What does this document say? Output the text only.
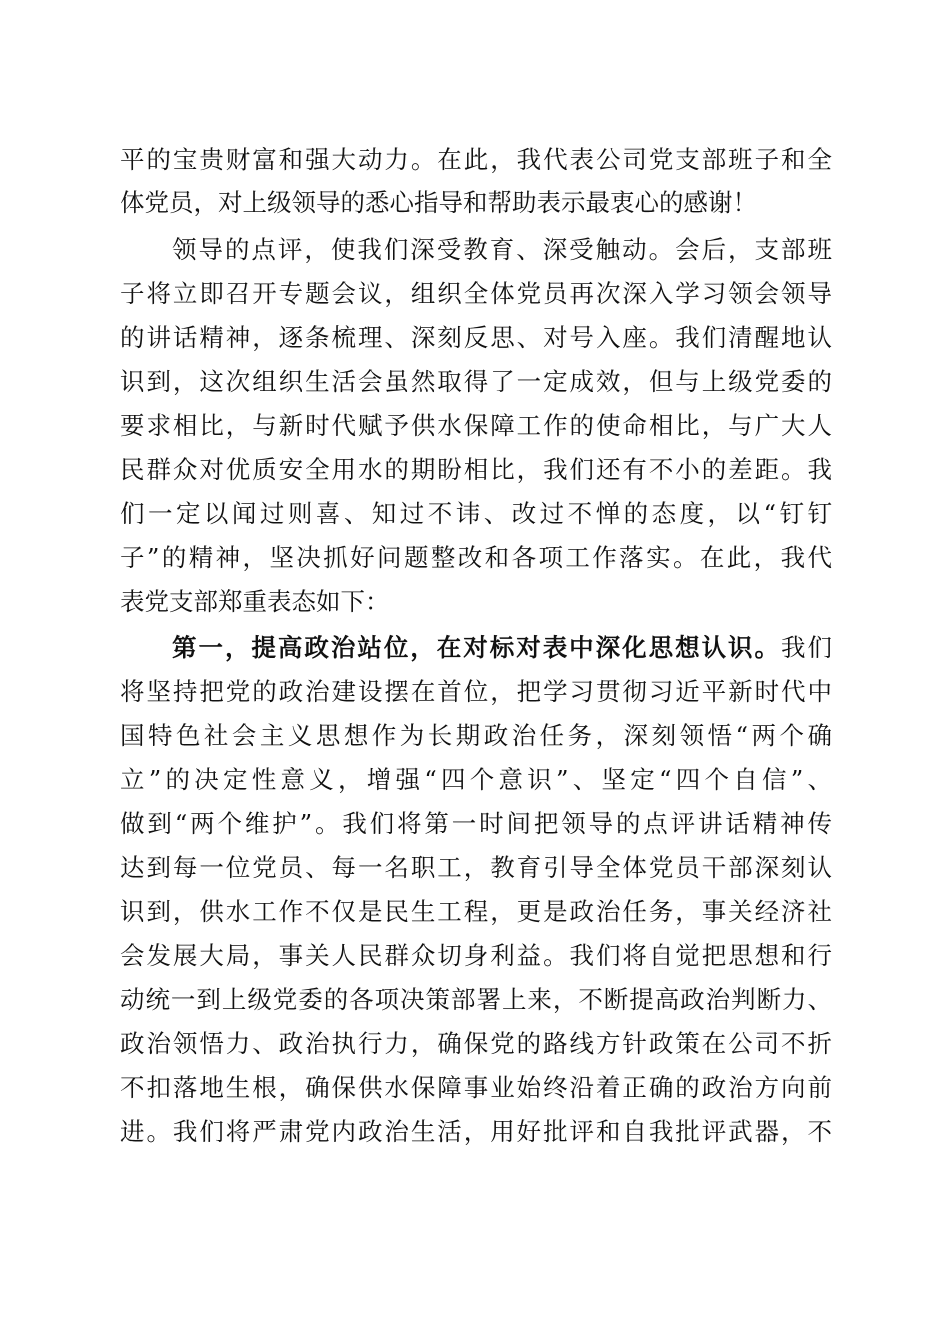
平的宝贵财富和强大动力。在此，我代表公司党支部班子和全
体党员，对上级领导的悉心指导和帮助表示最衷心的感谢！
领导的点评，使我们深受教育、深受触动。会后，支部班
子将立即召开专题会议，组织全体党员再次深入学习领会领导
的讲话精神，逐条梳理、深刻反思、对号入座。我们清醒地认
识到，这次组织生活会虽然取得了一定成效，但与上级党委的
要求相比，与新时代赋予供水保障工作的使命相比，与广大人
民群众对优质安全用水的期盼相比，我们还有不小的差距。我
们一定以闻过则喜、知过不讳、改过不惮的态度，以“钉钉
子”的精神，坚决抓好问题整改和各项工作落实。在此，我代
表党支部郑重表态如下：
第一，提高政治站位，在对标对表中深化思想认识。我们
将坚持把党的政治建设摆在首位，把学习贯彻习近平新时代中
国特色社会主义思想作为长期政治任务，深刻领悟“两个确
立”的决定性意义，增强“四个意识”、坚定“四个自信”、
做到“两个维护”。我们将第一时间把领导的点评讲话精神传
达到每一位党员、每一名职工，教育引导全体党员干部深刻认
识到，供水工作不仅是民生工程，更是政治任务，事关经济社
会发展大局，事关人民群众切身利益。我们将自觉把思想和行
动统一到上级党委的各项决策部署上来，不断提高政治判断力、
政治领悟力、政治执行力，确保党的路线方针政策在公司不折
不扣落地生根，确保供水保障事业始终沿着正确的政治方向前
进。我们将严肃党内政治生活，用好批评和自我批评武器，不
